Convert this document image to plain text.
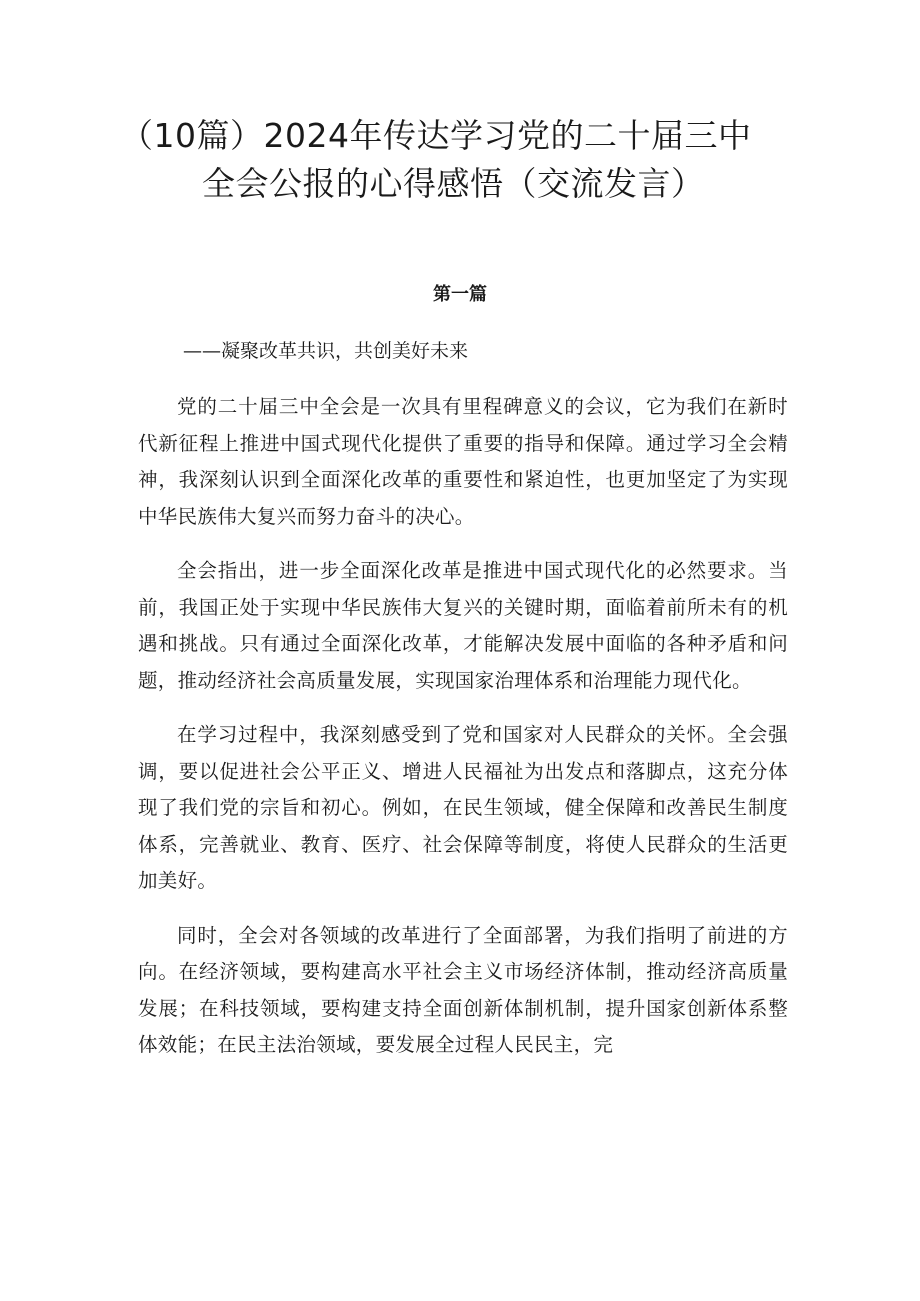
（10篇）2024年传达学习党的二十届三中
全会公报的心得感悟（交流发言）
第一篇

——凝聚改革共识，共创美好未来

党的二十届三中全会是一次具有里程碑意义的会议，它为我们在新时代新征程上推进中国式现代化提供了重要的指导和保障。通过学习全会精神，我深刻认识到全面深化改革的重要性和紧迫性，也更加坚定了为实现中华民族伟大复兴而努力奋斗的决心。

全会指出，进一步全面深化改革是推进中国式现代化的必然要求。当前，我国正处于实现中华民族伟大复兴的关键时期，面临着前所未有的机遇和挑战。只有通过全面深化改革，才能解决发展中面临的各种矛盾和问题，推动经济社会高质量发展，实现国家治理体系和治理能力现代化。

在学习过程中，我深刻感受到了党和国家对人民群众的关怀。全会强调，要以促进社会公平正义、增进人民福祉为出发点和落脚点，这充分体现了我们党的宗旨和初心。例如，在民生领域，健全保障和改善民生制度体系，完善就业、教育、医疗、社会保障等制度，将使人民群众的生活更加美好。

同时，全会对各领域的改革进行了全面部署，为我们指明了前进的方向。在经济领域，要构建高水平社会主义市场经济体制，推动经济高质量发展；在科技领域，要构建支持全面创新体制机制，提升国家创新体系整体效能；在民主法治领域，要发展全过程人民民主，完
